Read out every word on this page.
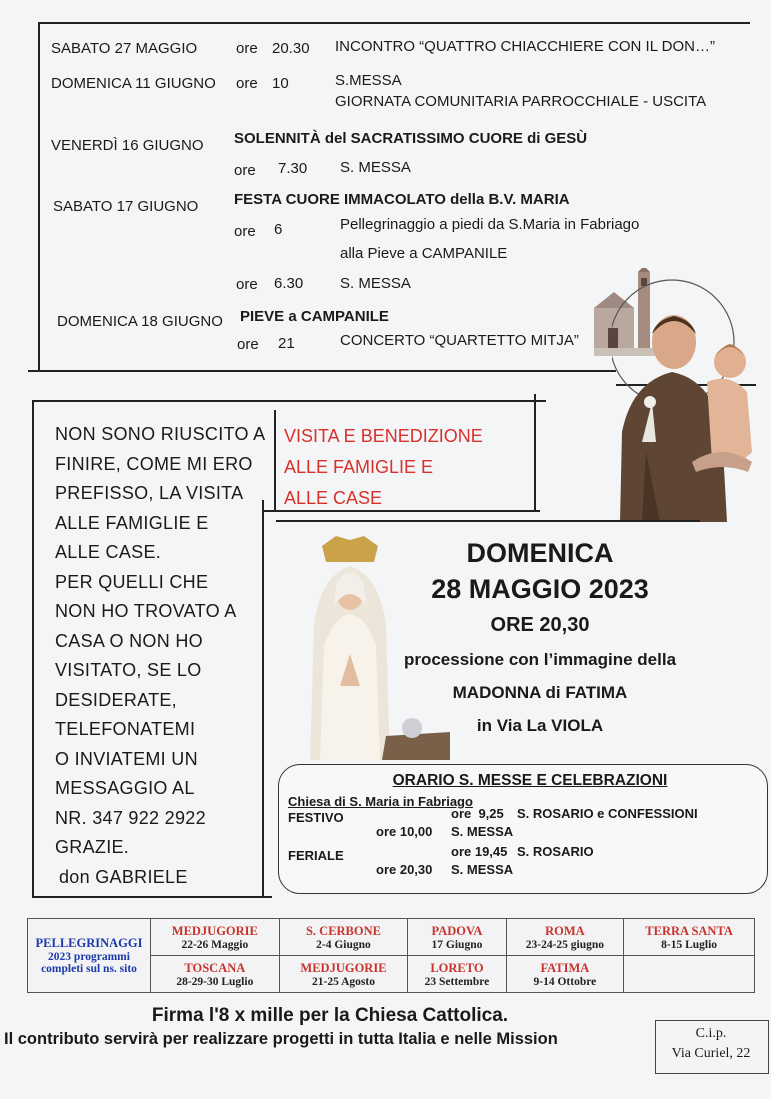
SABATO 27 MAGGIO	ore 20.30 INCONTRO “QUATTRO CHIACCHIERE CON IL DON…”
DOMENICA 11 GIUGNO ore 10	S.MESSA
GIORNATA COMUNITARIA PARROCCHIALE - USCITA
VENERDÌ 16 GIUGNO SOLENNITÀ del SACRATISSIMO CUORE di GESÙ
ore 7.30 S. MESSA
SABATO 17 GIUGNO FESTA CUORE IMMACOLATO della B.V. MARIA
ore 6	Pellegrinaggio a piedi da S.Maria in Fabriago
alla Pieve a CAMPANILE
ore 6.30 S. MESSA
DOMENICA 18 GIUGNO PIEVE a CAMPANILE
ore 21	CONCERTO “QUARTETTO MITJA”
VISITA E BENEDIZIONE
ALLE FAMIGLIE E
ALLE CASE
NON SONO RIUSCITO A
FINIRE, COME MI ERO
PREFISSO, LA VISITA
ALLE FAMIGLIE E
ALLE CASE.
PER QUELLI CHE
NON HO TROVATO A
CASA O NON HO
VISITATO, SE LO
DESIDERATE,
TELEFONATEMI
O INVIATEMI UN
MESSAGGIO AL
NR. 347 922 2922
GRAZIE.
don GABRIELE
DOMENICA
28 MAGGIO 2023
ORE 20,30
processione con l’immagine della
MADONNA di FATIMA
in Via La VIOLA
ORARIO S. MESSE E CELEBRAZIONI
Chiesa di S. Maria in Fabriago
FESTIVO	ore  9,25 S. ROSARIO e CONFESSIONI
ore 10,00 S. MESSA
FERIALE	ore 19,45 S. ROSARIO
ore 20,30 S. MESSA
PELLEGRINAGGI
2023 programmi
completi sul ns. sito	MEDJUGORIE
22-26 Maggio	S. CERBONE
2-4 Giugno	PADOVA
17 Giugno	ROMA
23-24-25 giugno	TERRA SANTA
8-15 Luglio

	TOSCANA
28-29-30 Luglio	MEDJUGORIE
21-25 Agosto	LORETO
23 Settembre	FATIMA
9-14 Ottobre	

Firma l'8 x mille per la Chiesa Cattolica.
Il contributo servirà per realizzare progetti in tutta Italia e nelle Mission	C.i.p.
Via Curiel, 22
